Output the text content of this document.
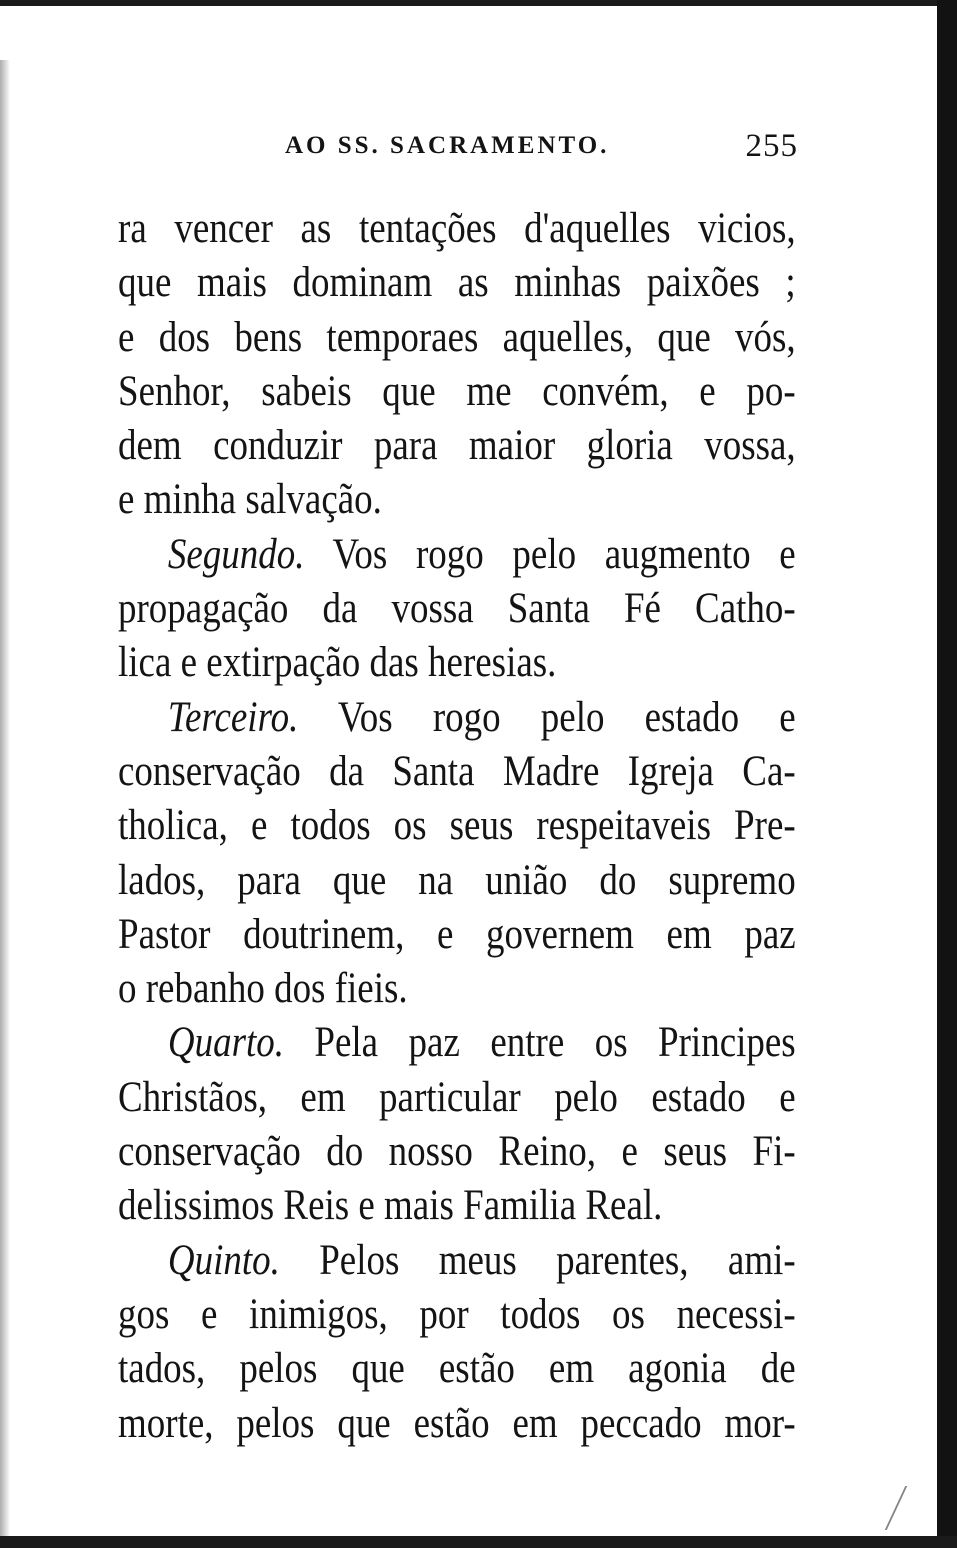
AO SS. SACRAMENTO.	255
ra vencer as tentações d'aquelles vicios,
que mais dominam as minhas paixões ;
e dos bens temporaes aquelles, que vós,
Senhor, sabeis que me convém, e po-
dem conduzir para maior gloria vossa,
e minha salvação.
Segundo. Vos rogo pelo augmento e
propagação da vossa Santa Fé Catho-
lica e extirpação das heresias.
Terceiro. Vos rogo pelo estado e
conservação da Santa Madre Igreja Ca-
tholica, e todos os seus respeitaveis Pre-
lados, para que na união do supremo
Pastor doutrinem, e governem em paz
o rebanho dos fieis.
Quarto. Pela paz entre os Principes
Christãos, em particular pelo estado e
conservação do nosso Reino, e seus Fi-
delissimos Reis e mais Familia Real.
Quinto. Pelos meus parentes, ami-
gos e inimigos, por todos os necessi-
tados, pelos que estão em agonia de
morte, pelos que estão em peccado mor-
